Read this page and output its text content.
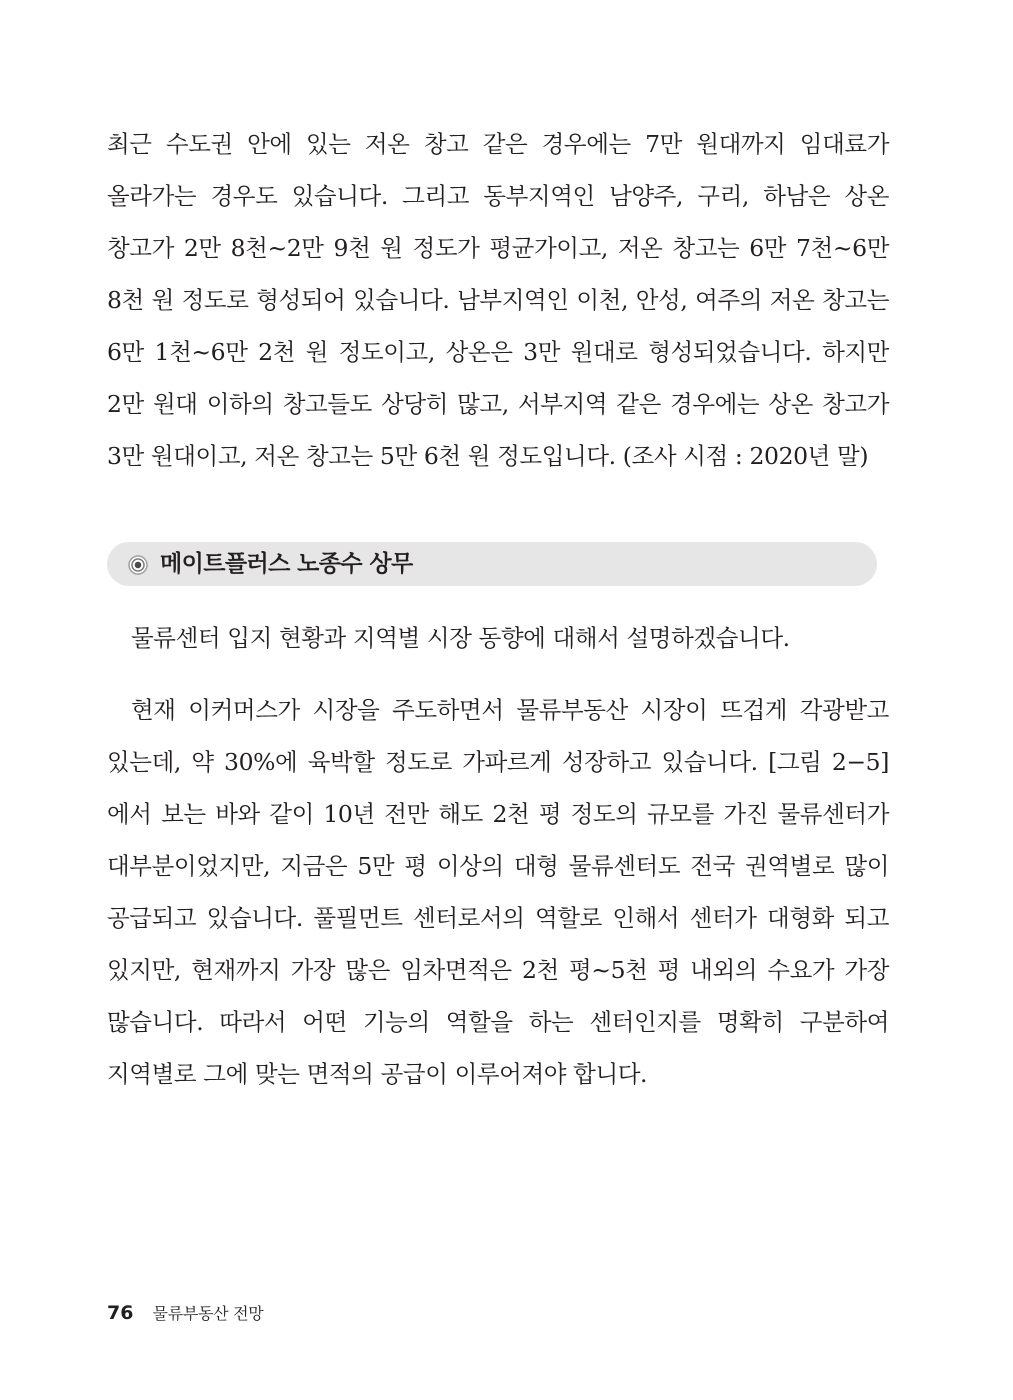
최근 수도권 안에 있는 저온 창고 같은 경우에는 7만 원대까지 임대료가 올라가는 경우도 있습니다. 그리고 동부지역인 남양주, 구리, 하남은 상온 창고가 2만 8천~2만 9천 원 정도가 평균가이고, 저온 창고는 6만 7천~6만 8천 원 정도로 형성되어 있습니다. 남부지역인 이천, 안성, 여주의 저온 창고는 6만 1천~6만 2천 원 정도이고, 상온은 3만 원대로 형성되었습니다. 하지만 2만 원대 이하의 창고들도 상당히 많고, 서부지역 같은 경우에는 상온 창고가 3만 원대이고, 저온 창고는 5만 6천 원 정도입니다. (조사 시점 : 2020년 말)

메이트플러스 노종수 상무

물류센터 입지 현황과 지역별 시장 동향에 대해서 설명하겠습니다.

현재 이커머스가 시장을 주도하면서 물류부동산 시장이 뜨겁게 각광받고 있는데, 약 30%에 육박할 정도로 가파르게 성장하고 있습니다. [그림 2−5]에서 보는 바와 같이 10년 전만 해도 2천 평 정도의 규모를 가진 물류센터가 대부분이었지만, 지금은 5만 평 이상의 대형 물류센터도 전국 권역별로 많이 공급되고 있습니다. 풀필먼트 센터로서의 역할로 인해서 센터가 대형화 되고 있지만, 현재까지 가장 많은 임차면적은 2천 평~5천 평 내외의 수요가 가장 많습니다. 따라서 어떤 기능의 역할을 하는 센터인지를 명확히 구분하여 지역별로 그에 맞는 면적의 공급이 이루어져야 합니다.

76 물류부동산 전망
